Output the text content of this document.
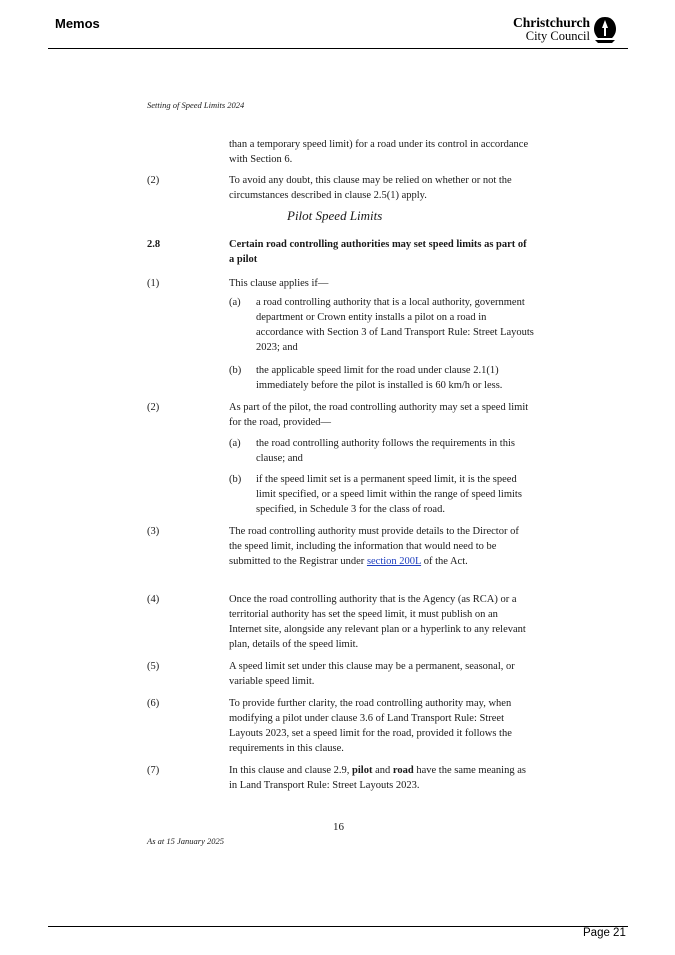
Memos	Christchurch
City Council
Setting of Speed Limits 2024
than a temporary speed limit) for a road under its control in accordance with Section 6.
(2)	To avoid any doubt, this clause may be relied on whether or not the circumstances described in clause 2.5(1) apply.
Pilot Speed Limits
2.8	Certain road controlling authorities may set speed limits as part of a pilot
(1)	This clause applies if—
(a) a road controlling authority that is a local authority, government department or Crown entity installs a pilot on a road in accordance with Section 3 of Land Transport Rule: Street Layouts 2023; and
(b) the applicable speed limit for the road under clause 2.1(1) immediately before the pilot is installed is 60 km/h or less.
(2)	As part of the pilot, the road controlling authority may set a speed limit for the road, provided—
(a) the road controlling authority follows the requirements in this clause; and
(b) if the speed limit set is a permanent speed limit, it is the speed limit specified, or a speed limit within the range of speed limits specified, in Schedule 3 for the class of road.
(3)	The road controlling authority must provide details to the Director of the speed limit, including the information that would need to be submitted to the Registrar under section 200L of the Act.
(4)	Once the road controlling authority that is the Agency (as RCA) or a territorial authority has set the speed limit, it must publish on an Internet site, alongside any relevant plan or a hyperlink to any relevant plan, details of the speed limit.
(5)	A speed limit set under this clause may be a permanent, seasonal, or variable speed limit.
(6)	To provide further clarity, the road controlling authority may, when modifying a pilot under clause 3.6 of Land Transport Rule: Street Layouts 2023, set a speed limit for the road, provided it follows the requirements in this clause.
(7)	In this clause and clause 2.9, pilot and road have the same meaning as in Land Transport Rule: Street Layouts 2023.
16
As at 15 January 2025
Page 21
